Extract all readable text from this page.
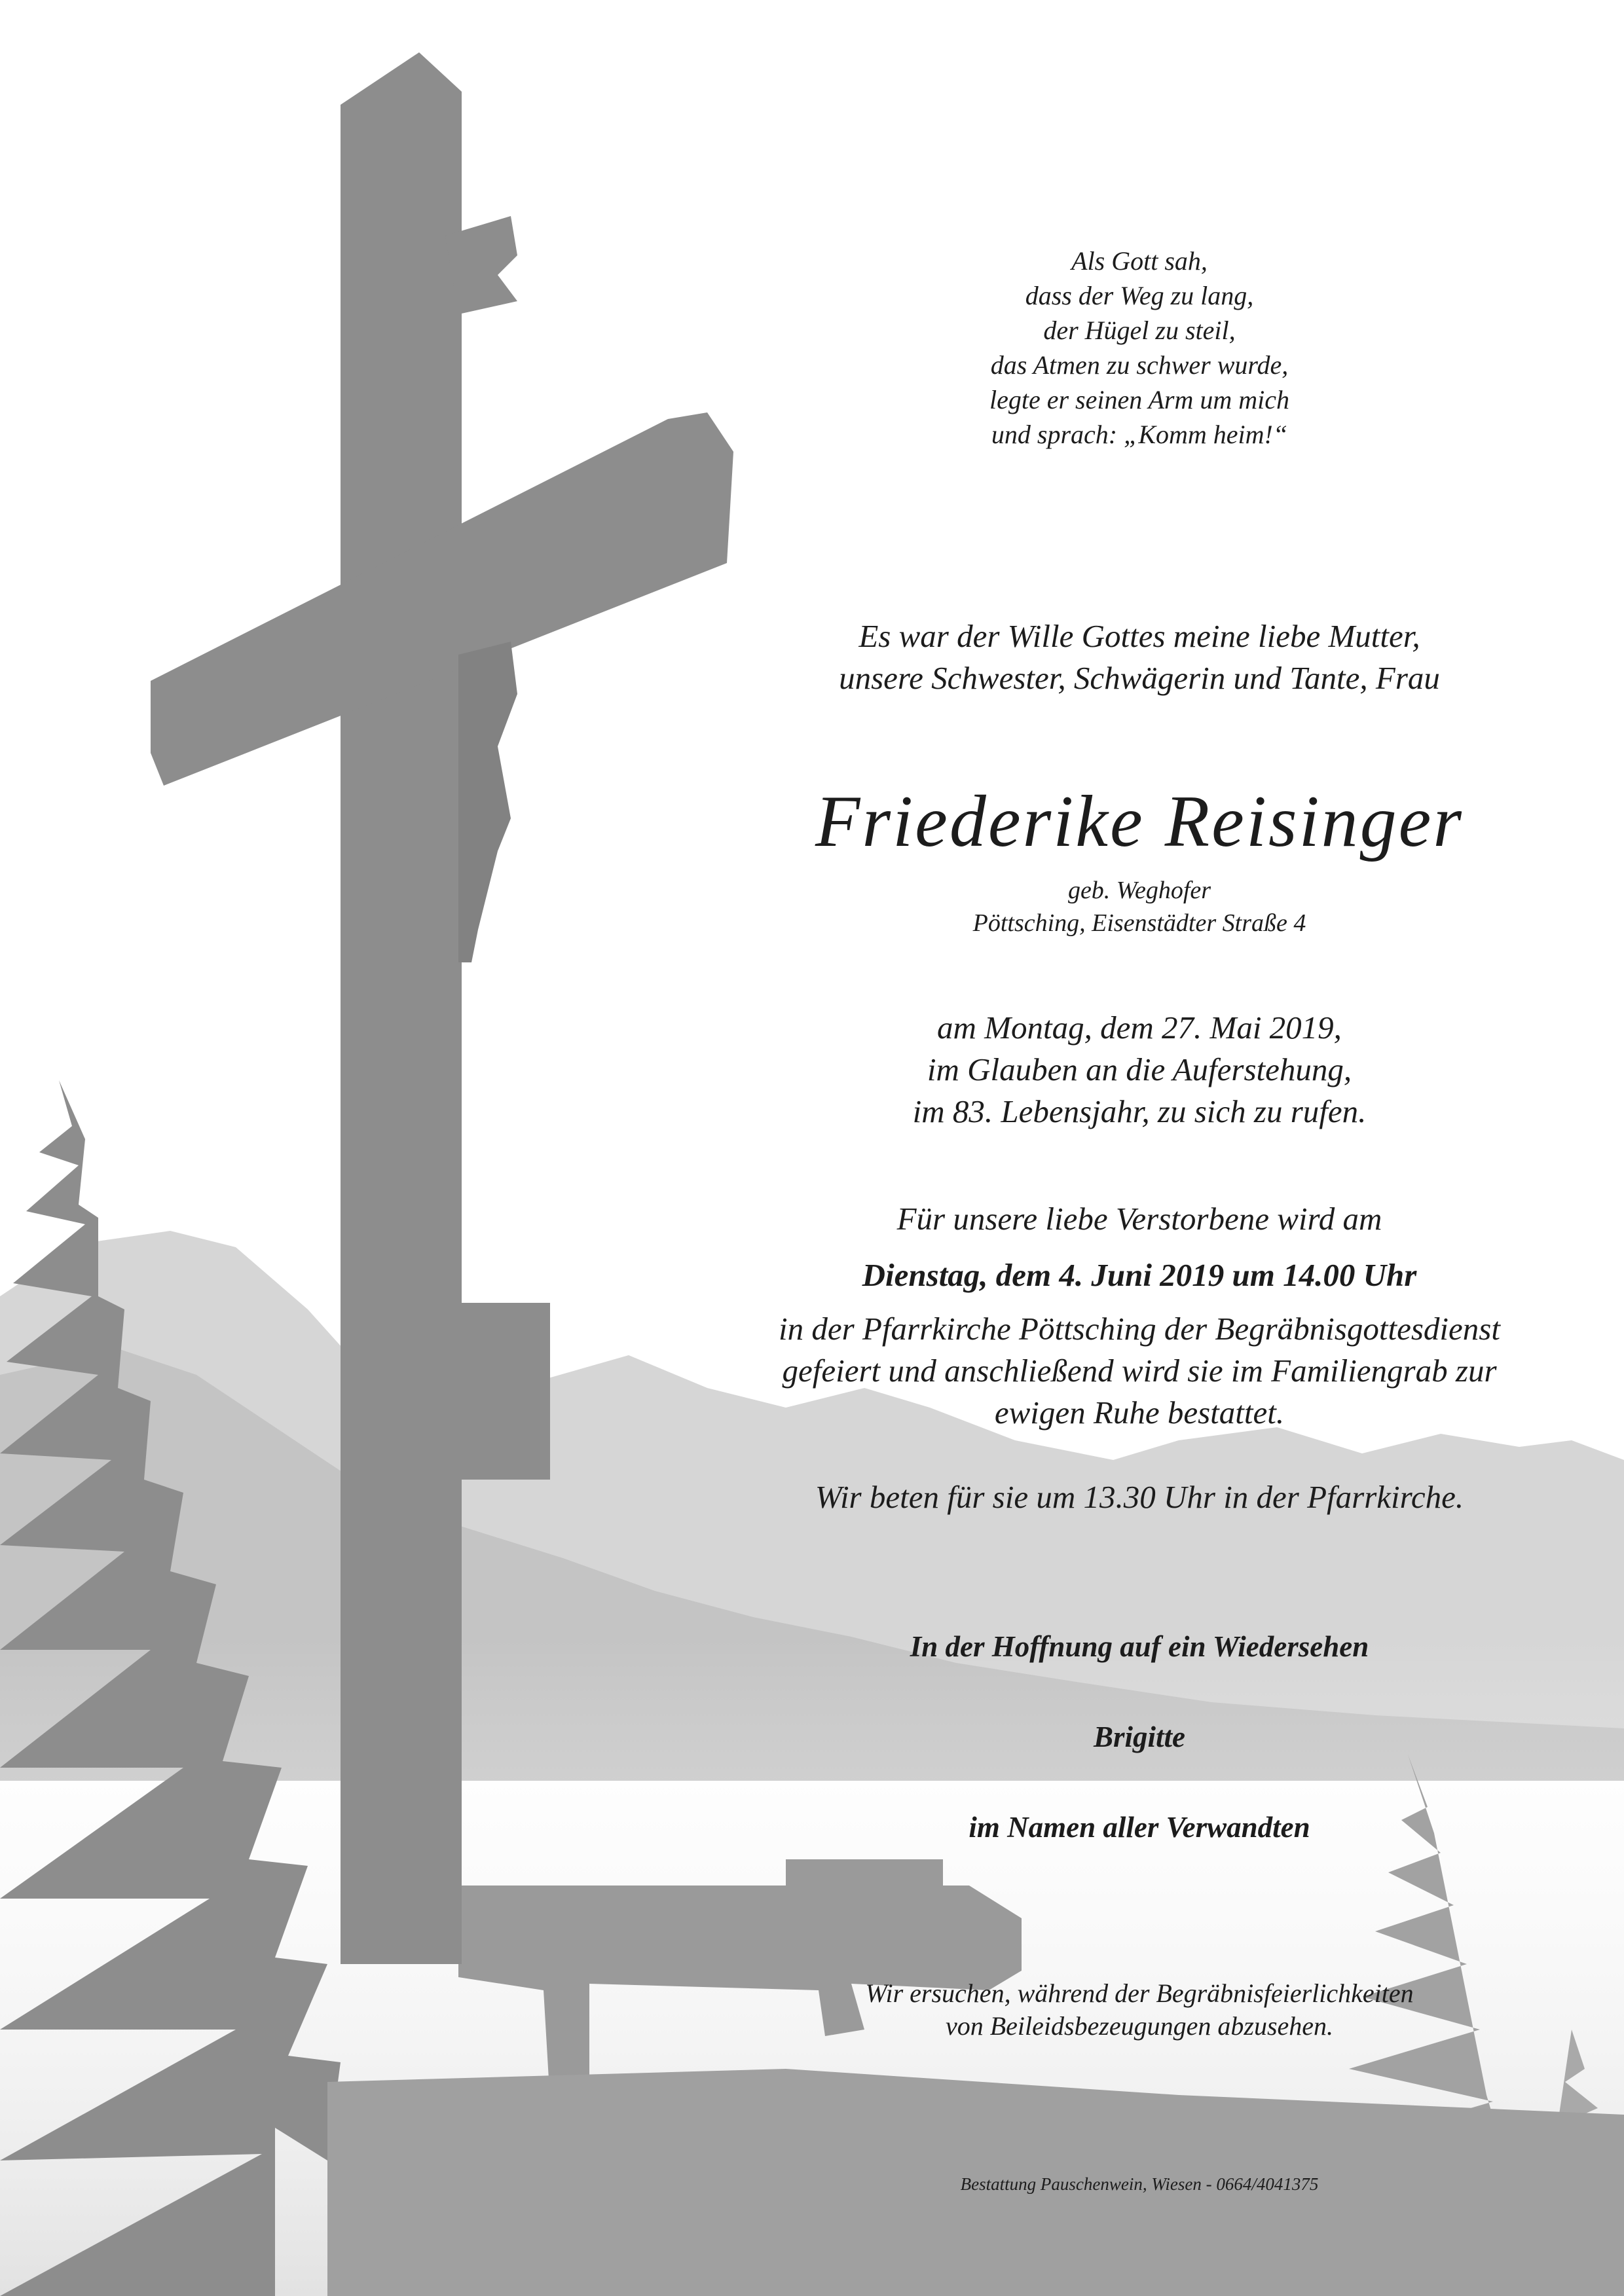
Als Gott sah,
dass der Weg zu lang,
der Hügel zu steil,
das Atmen zu schwer wurde,
legte er seinen Arm um mich
und sprach: „Komm heim!“
Es war der Wille Gottes meine liebe Mutter,
unsere Schwester, Schwägerin und Tante, Frau
Friederike Reisinger
geb. Weghofer
Pöttsching, Eisenstädter Straße 4
am Montag, dem 27. Mai 2019,
im Glauben an die Auferstehung,
im 83. Lebensjahr, zu sich zu rufen.
Für unsere liebe Verstorbene wird am
Dienstag, dem 4. Juni 2019 um 14.00 Uhr
in der Pfarrkirche Pöttsching der Begräbnisgottesdienst
gefeiert und anschließend wird sie im Familiengrab zur
ewigen Ruhe bestattet.
Wir beten für sie um 13.30 Uhr in der Pfarrkirche.
In der Hoffnung auf ein Wiedersehen
Brigitte
im Namen aller Verwandten
Wir ersuchen, während der Begräbnisfeierlichkeiten
von Beileidsbezeugungen abzusehen.
Bestattung Pauschenwein, Wiesen - 0664/4041375
